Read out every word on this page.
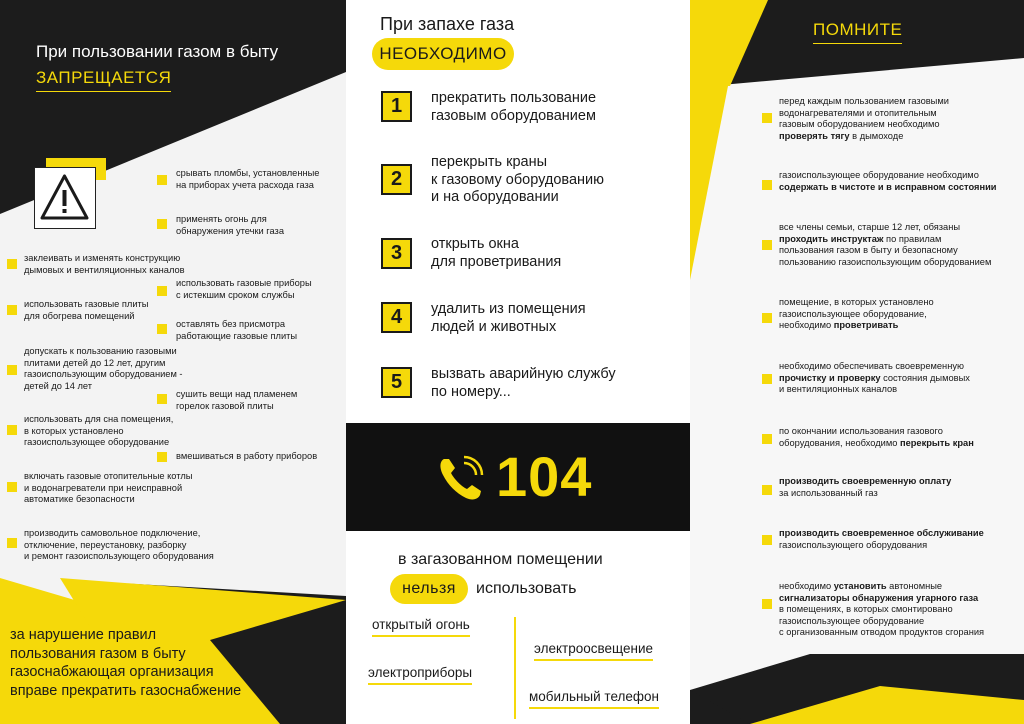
При пользовании газом в быту
ЗАПРЕЩАЕТСЯ
срывать пломбы, установленные
на приборах учета расхода газа
применять огонь для
обнаружения утечки газа
использовать газовые приборы
с истекшим сроком службы
оставлять без присмотра
работающие газовые плиты
сушить вещи над пламенем
горелок газовой плиты
вмешиваться в работу приборов
заклеивать и изменять конструкцию
дымовых и вентиляционных каналов
использовать газовые плиты
для обогрева помещений
допускать к пользованию газовыми
плитами детей до 12 лет, другим
газоиспользующим оборудованием -
детей до 14 лет
использовать для сна помещения,
в которых установлено
газоиспользующее оборудование
включать газовые отопительные котлы
и водонагреватели при неисправной
автоматике безопасности
производить самовольное подключение,
отключение, переустановку, разборку
и ремонт газоиспользующего оборудования
за нарушение правил
пользования газом в быту
газоснабжающая организация
вправе прекратить газоснабжение
При запахе газа
НЕОБХОДИМО
1	прекратить пользование
газовым оборудованием
2
перекрыть краны
к газовому оборудованию
и на оборудовании
3	открыть окна
для проветривания
4	удалить из помещения
людей и животных
5	вызвать аварийную службу
по номеру...
104
в загазованном помещении
нельзя	использовать
открытый огонь
электроприборы
электроосвещение
мобильный телефон
ПОМНИТЕ
перед каждым пользованием газовыми
водонагревателями и отопительным
газовым оборудованием необходимо
проверять тягу в дымоходе
газоиспользующее оборудование необходимо
содержать в чистоте и в исправном состоянии
все члены семьи, старше 12 лет, обязаны
проходить инструктаж по правилам
пользования газом в быту и безопасному
пользованию газоиспользующим оборудованием
помещение, в которых установлено
газоиспользующее оборудование,
необходимо проветривать
необходимо обеспечивать своевременную
прочистку и проверку состояния дымовых
и вентиляционных каналов
по окончании использования газового
оборудования, необходимо перекрыть кран
производить своевременную оплату
за использованный газ
производить своевременное обслуживание
газоиспользующего оборудования
необходимо установить автономные
сигнализаторы обнаружения угарного газа
в помещениях, в которых смонтировано
газоиспользующее оборудование
с организованным отводом продуктов сгорания
